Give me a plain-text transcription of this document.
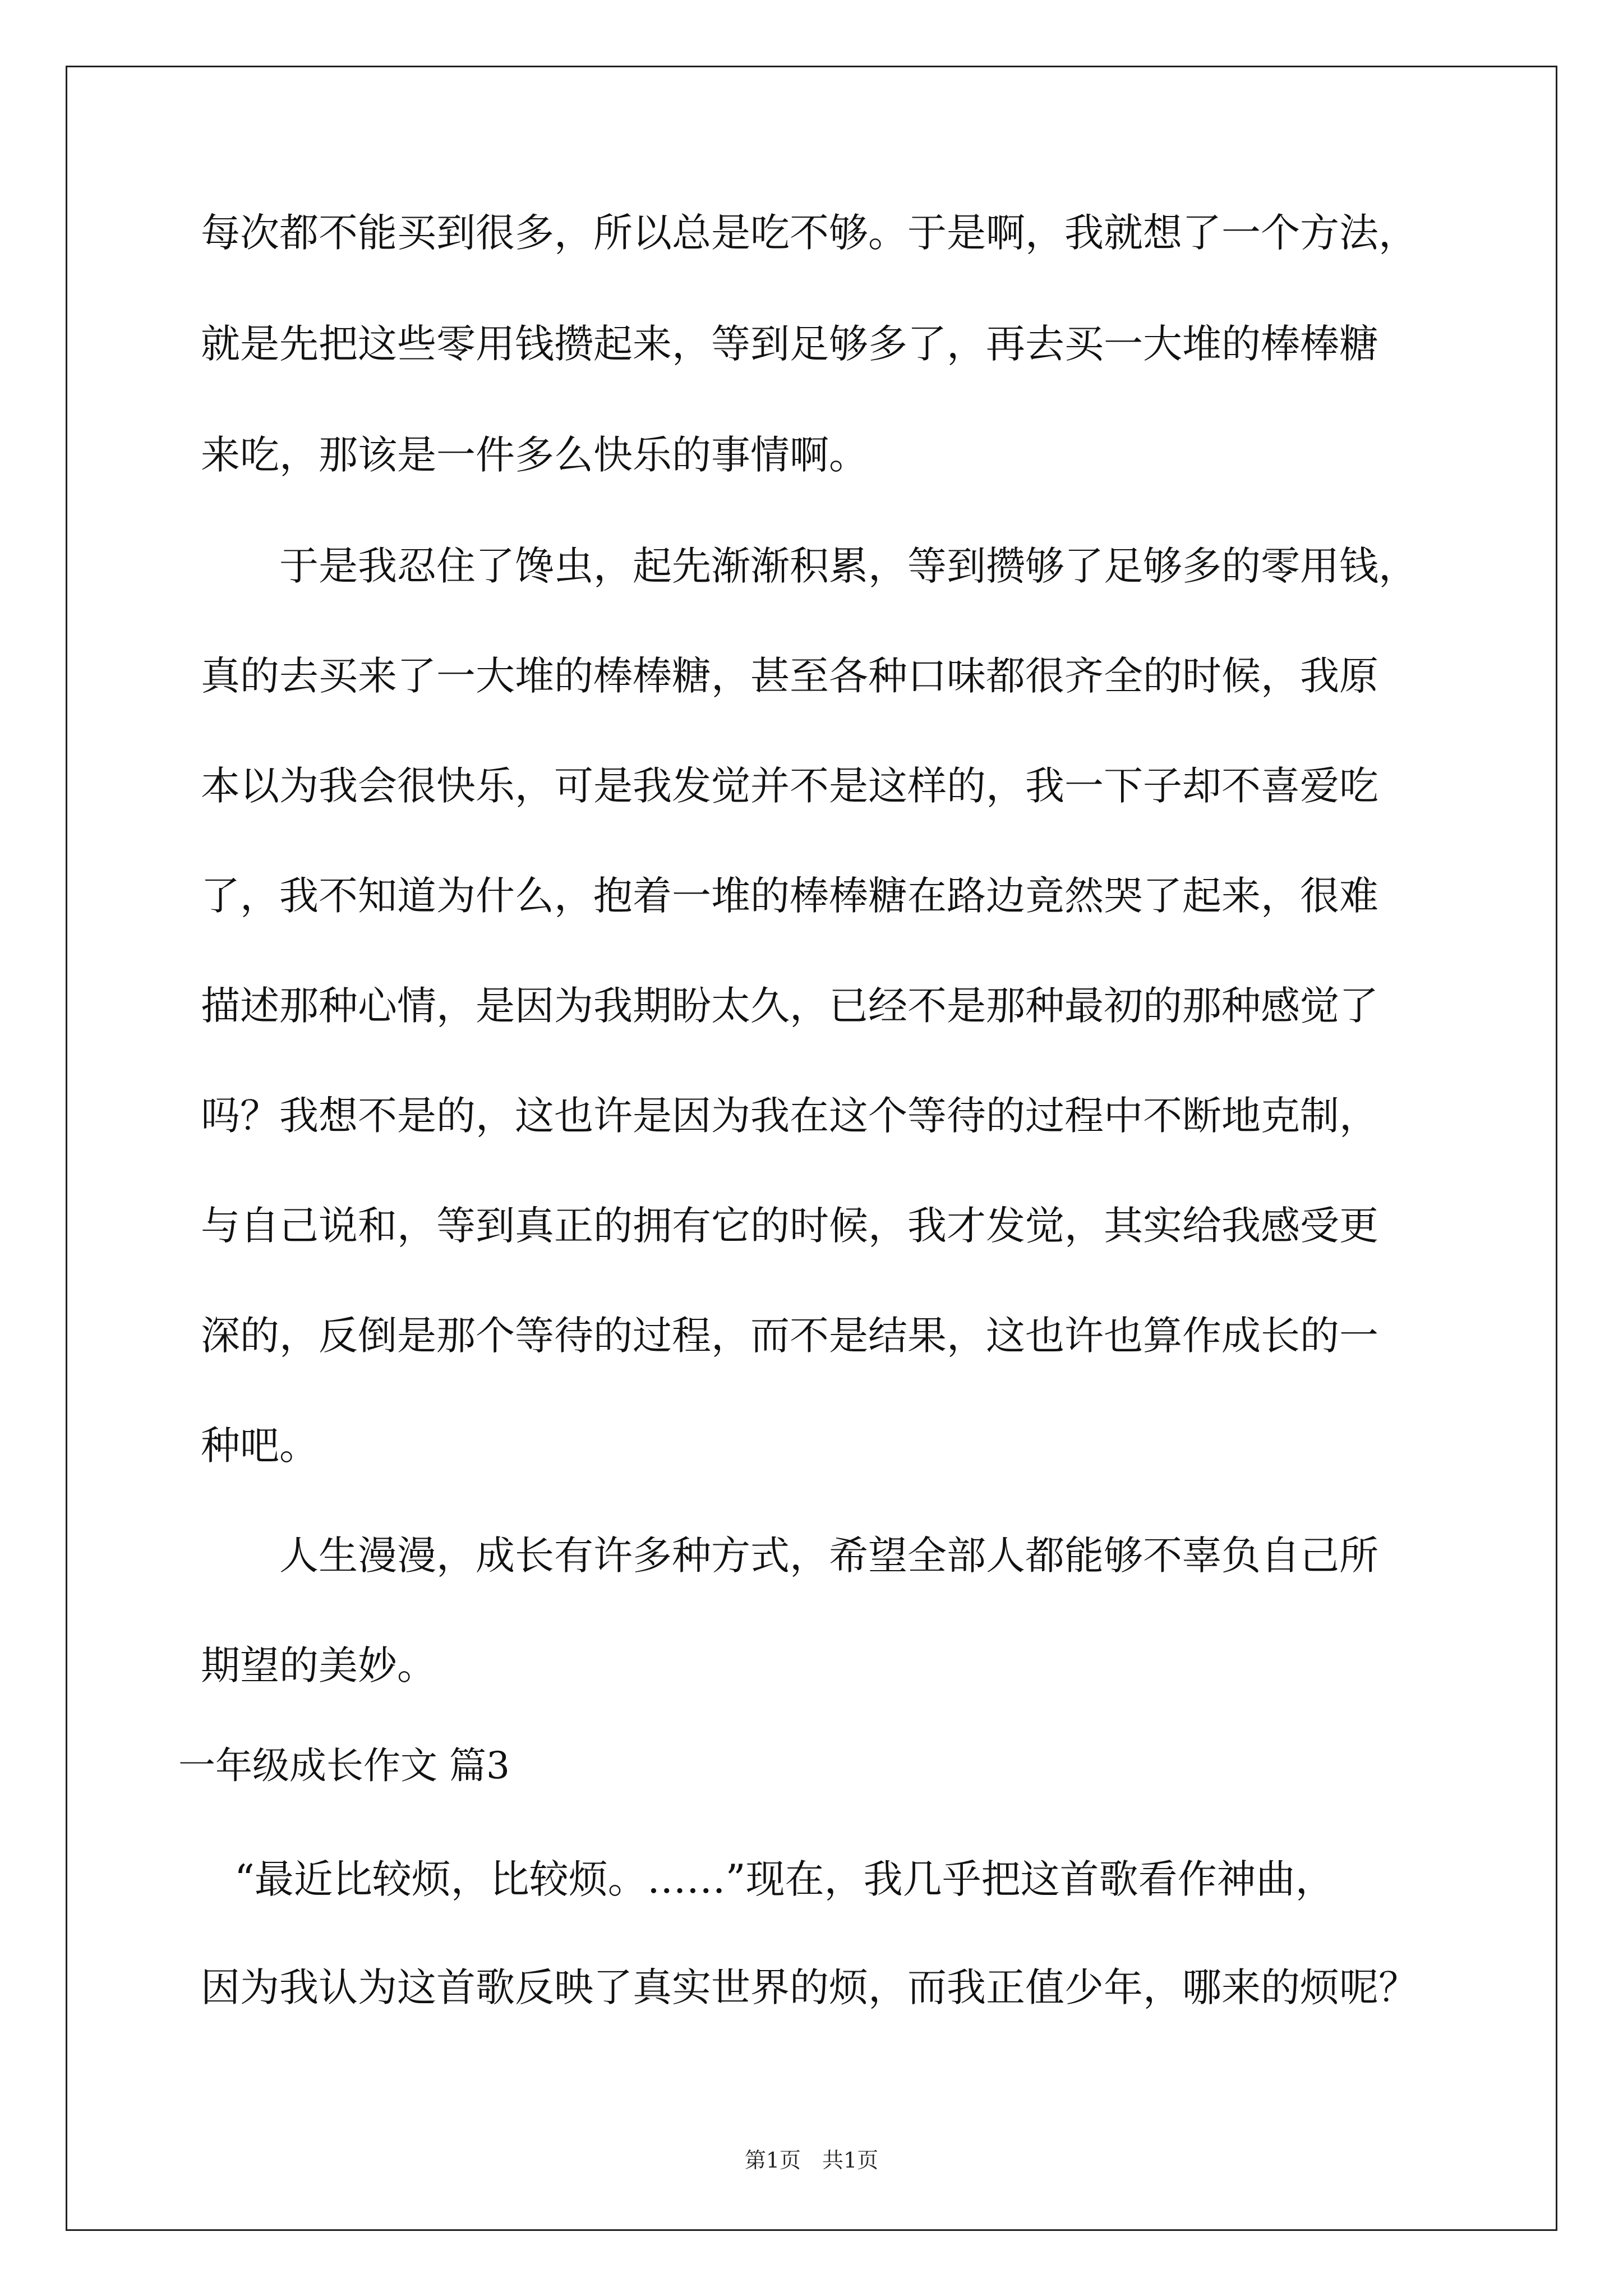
每次都不能买到很多，所以总是吃不够。于是啊，我就想了一个方法，
就是先把这些零用钱攒起来，等到足够多了，再去买一大堆的棒棒糖
来吃，那该是一件多么快乐的事情啊。
于是我忍住了馋虫，起先渐渐积累，等到攒够了足够多的零用钱，
真的去买来了一大堆的棒棒糖，甚至各种口味都很齐全的时候，我原
本以为我会很快乐，可是我发觉并不是这样的，我一下子却不喜爱吃
了，我不知道为什么，抱着一堆的棒棒糖在路边竟然哭了起来，很难
描述那种心情，是因为我期盼太久，已经不是那种最初的那种感觉了
吗？我想不是的，这也许是因为我在这个等待的过程中不断地克制，
与自己说和，等到真正的拥有它的时候，我才发觉，其实给我感受更
深的，反倒是那个等待的过程，而不是结果，这也许也算作成长的一
种吧。
人生漫漫，成长有许多种方式，希望全部人都能够不辜负自己所
期望的美妙。
一年级成长作文 篇3
“最近比较烦，比较烦。……”现在，我几乎把这首歌看作神曲，
因为我认为这首歌反映了真实世界的烦，而我正值少年，哪来的烦呢？
第1页　共1页
